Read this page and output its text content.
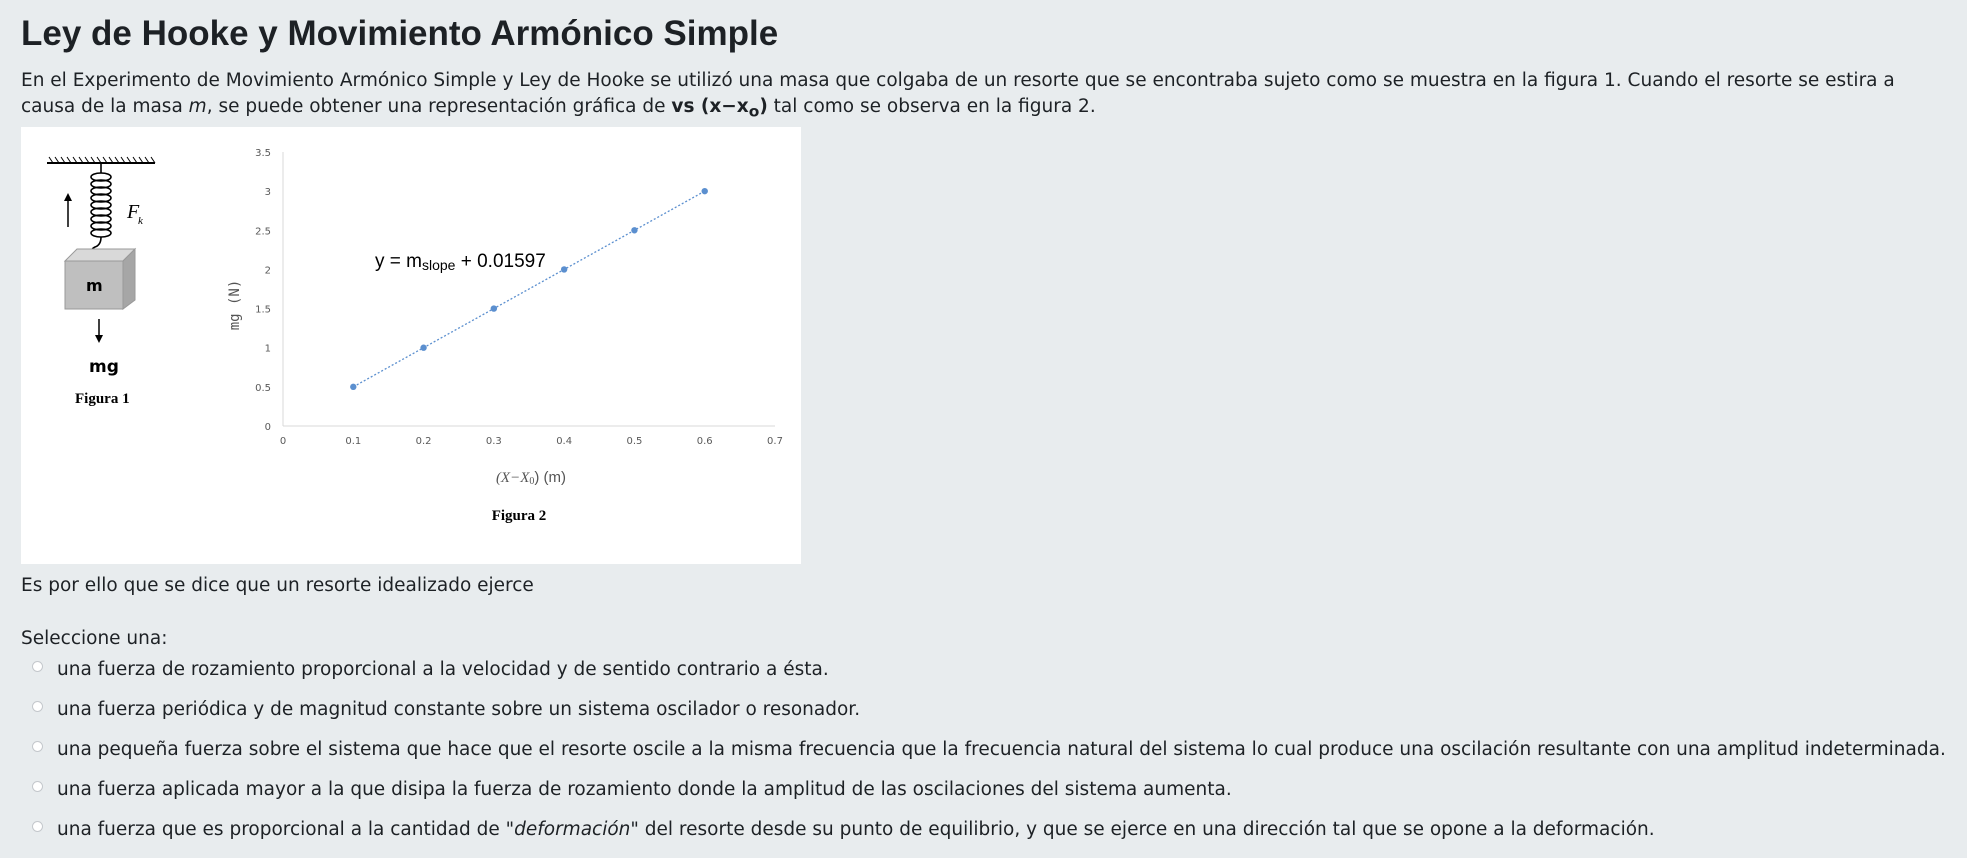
Ley de Hooke y Movimiento Armónico Simple
En el Experimento de Movimiento Armónico Simple y Ley de Hooke se utilizó una masa que colgaba de un resorte que se encontraba sujeto como se muestra en la figura 1. Cuando el resorte se estira a causa de la masa m, se puede obtener una representación gráfica de vs $(x-x_o)$ tal como se observa en la figura 2.
F
k
m
mg
Figura 1
0
0.5
1
1.5
2
2.5
3
3.5
0	0.1	0.2	0.3	0.4	0.5	0.6	0.7
y = mslope + 0.01597
mg (N)
(X−X0) (m)
Figura 2
Es por ello que se dice que un resorte idealizado ejerce
Seleccione una:
una fuerza de rozamiento proporcional a la velocidad y de sentido contrario a ésta.
una fuerza periódica y de magnitud constante sobre un sistema oscilador o resonador.
una pequeña fuerza sobre el sistema que hace que el resorte oscile a la misma frecuencia que la frecuencia natural del sistema lo cual produce una oscilación resultante con una amplitud indeterminada.
una fuerza aplicada mayor a la que disipa la fuerza de rozamiento donde la amplitud de las oscilaciones del sistema aumenta.
una fuerza que es proporcional a la cantidad de "deformación" del resorte desde su punto de equilibrio, y que se ejerce en una dirección tal que se opone a la deformación.
